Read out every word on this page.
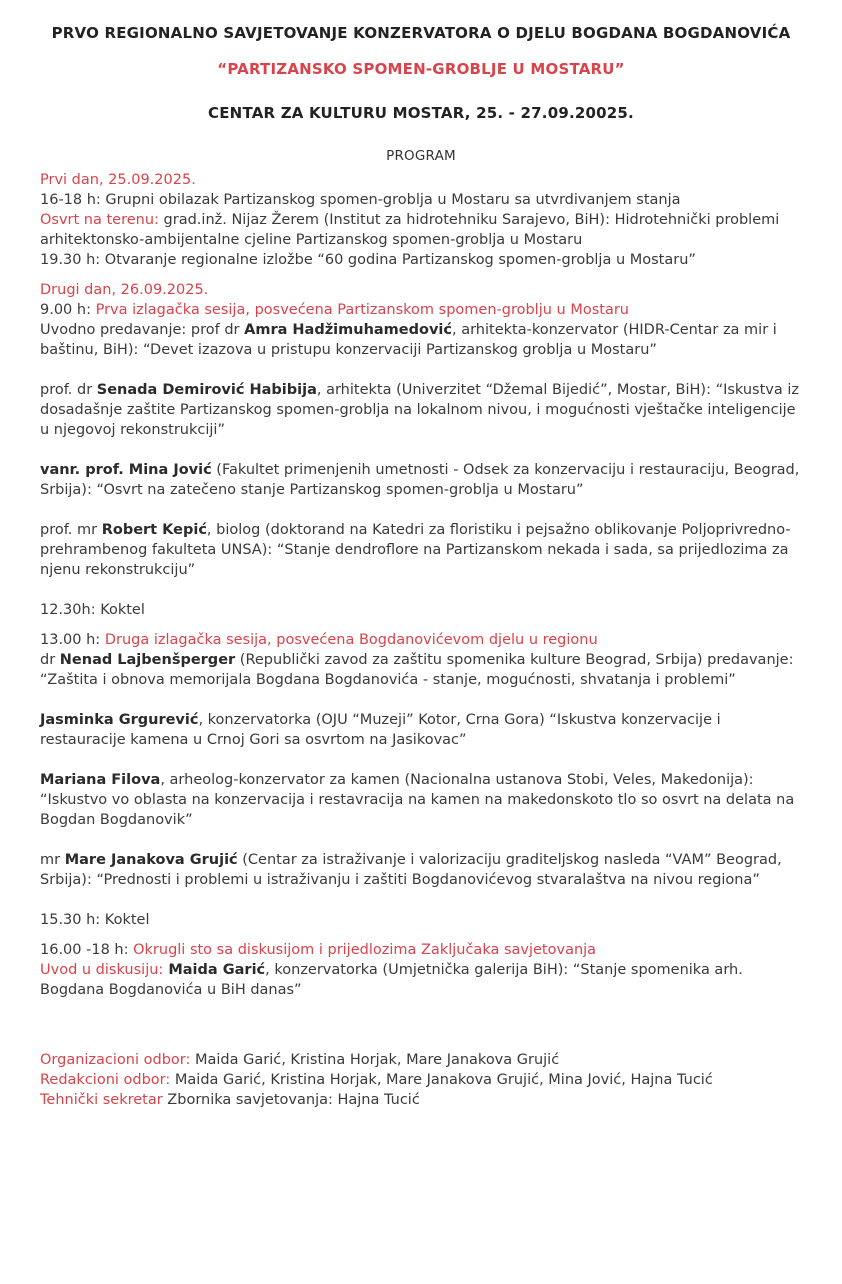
PRVO REGIONALNO SAVJETOVANJE KONZERVATORA O DJELU BOGDANA BOGDANOVIĆA
“PARTIZANSKO SPOMEN-GROBLJE U MOSTARU”
CENTAR ZA KULTURU MOSTAR, 25. - 27.09.20025.
PROGRAM

Prvi dan, 25.09.2025.

16-18 h: Grupni obilazak Partizanskog spomen-groblja u Mostaru sa utvrdivanjem stanja

Osvrt na terenu: grad.inž. Nijaz Žerem (Institut za hidrotehniku Sarajevo, BiH): Hidrotehnički problemi arhitektonsko-ambijentalne cjeline Partizanskog spomen-groblja u Mostaru

19.30 h: Otvaranje regionalne izložbe “60 godina Partizanskog spomen-groblja u Mostaru”

Drugi dan, 26.09.2025.

9.00 h: Prva izlagačka sesija, posvećena Partizanskom spomen-groblju u Mostaru

Uvodno predavanje: prof dr Amra Hadžimuhamedović, arhitekta-konzervator (HIDR-Centar za mir i baštinu, BiH): “Devet izazova u pristupu konzervaciji Partizanskog groblja u Mostaru”

prof. dr Senada Demirović Habibija, arhitekta (Univerzitet “Džemal Bijedić”, Mostar, BiH): “Iskustva iz dosadašnje zaštite Partizanskog spomen-groblja na lokalnom nivou, i mogućnosti vještačke inteligencije u njegovoj rekonstrukciji”

vanr. prof. Mina Jović (Fakultet primenjenih umetnosti - Odsek za konzervaciju i restauraciju, Beograd, Srbija): “Osvrt na zatečeno stanje Partizanskog spomen-groblja u Mostaru”

prof. mr Robert Kepić, biolog (doktorand na Katedri za floristiku i pejsažno oblikovanje Poljoprivredno-prehrambenog fakulteta UNSA): “Stanje dendroflore na Partizanskom nekada i sada, sa prijedlozima za njenu rekonstrukciju”

12.30h: Koktel

13.00 h: Druga izlagačka sesija, posvećena Bogdanovićevom djelu u regionu

dr Nenad Lajbenšperger (Republički zavod za zaštitu spomenika kulture Beograd, Srbija) predavanje: “Zaštita i obnova memorijala Bogdana Bogdanovića - stanje, mogućnosti, shvatanja i problemi”

Jasminka Grgurević, konzervatorka (OJU “Muzeji” Kotor, Crna Gora) “Iskustva konzervacije i restauracije kamena u Crnoj Gori sa osvrtom na Jasikovac”

Mariana Filova, arheolog-konzervator za kamen (Nacionalna ustanova Stobi, Veles, Makedonija): “Iskustvo vo oblasta na konzervacija i restavracija na kamen na makedonskoto tlo so osvrt na delata na Bogdan Bogdanovik”

mr Mare Janakova Grujić (Centar za istraživanje i valorizaciju graditeljskog nasleda “VAM” Beograd, Srbija): “Prednosti i problemi u istraživanju i zaštiti Bogdanovićevog stvaralaštva na nivou regiona”

15.30 h: Koktel

16.00 -18 h: Okrugli sto sa diskusijom i prijedlozima Zaključaka savjetovanja

Uvod u diskusiju: Maida Garić, konzervatorka (Umjetnička galerija BiH): “Stanje spomenika arh. Bogdana Bogdanovića u BiH danas”

Organizacioni odbor: Maida Garić, Kristina Horjak, Mare Janakova Grujić

Redakcioni odbor: Maida Garić, Kristina Horjak, Mare Janakova Grujić, Mina Jović, Hajna Tucić

Tehnički sekretar Zbornika savjetovanja: Hajna Tucić
